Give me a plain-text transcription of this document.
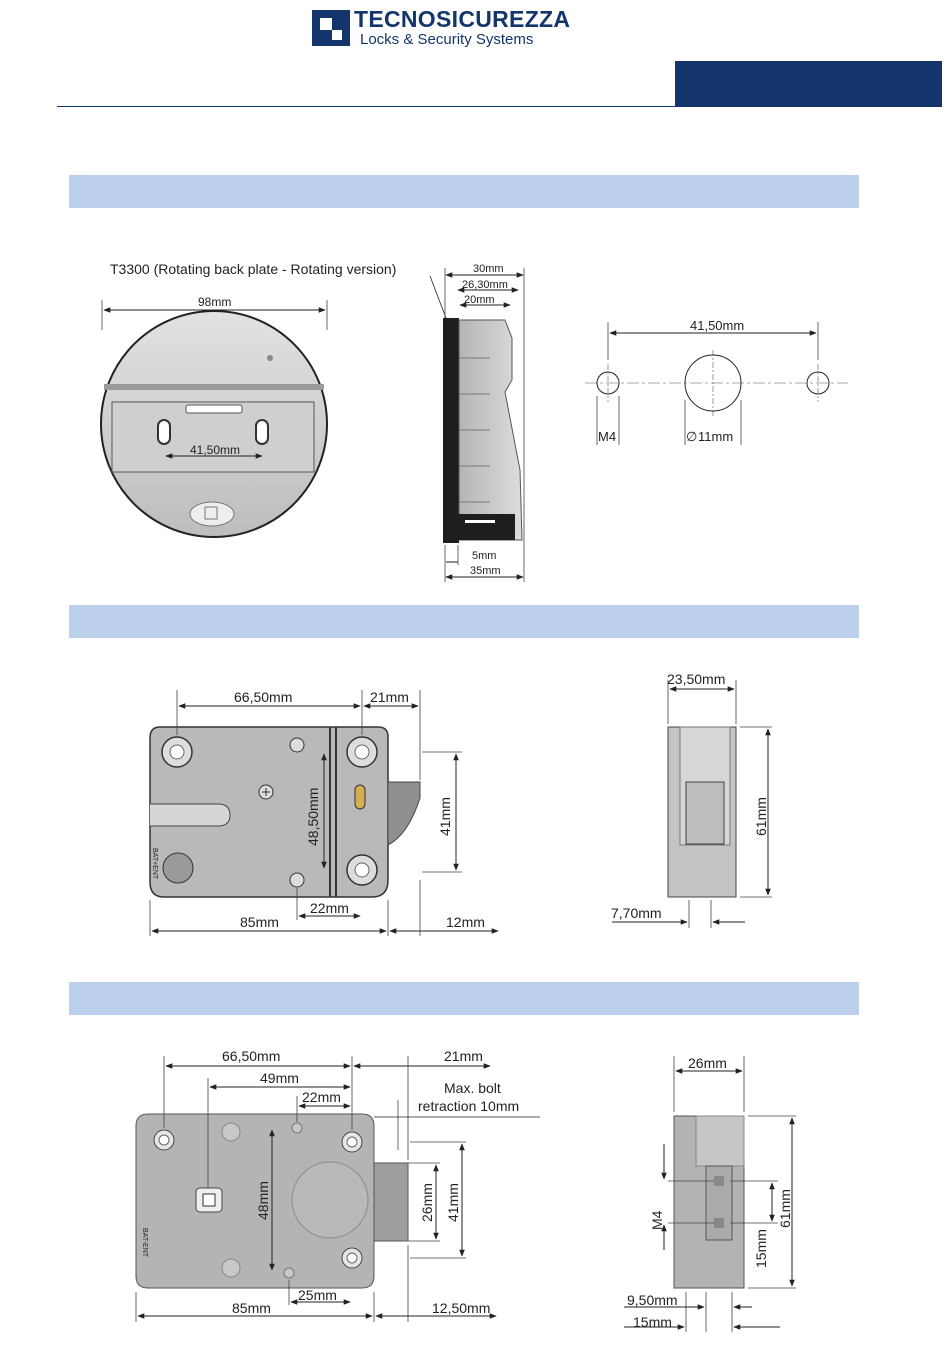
TECNOSICUREZZA
Locks & Security Systems
T3300 (Rotating back plate - Rotating version)
98mm
41,50mm
30mm
26,30mm
20mm
5mm
35mm
41,50mm
M4	∅ 11mm
66,50mm	21mm
48,50mm	41mm
22mm
85mm	12mm
BAT+ENT
23,50mm
61mm
7,70mm
66,50mm	21mm
49mm
22mm
Max. bolt
retraction 10mm
48mm	26mm 41mm
25mm
85mm	12,50mm
BAT-ENT
26mm
M4
15mm
61mm
9,50mm
15mm
